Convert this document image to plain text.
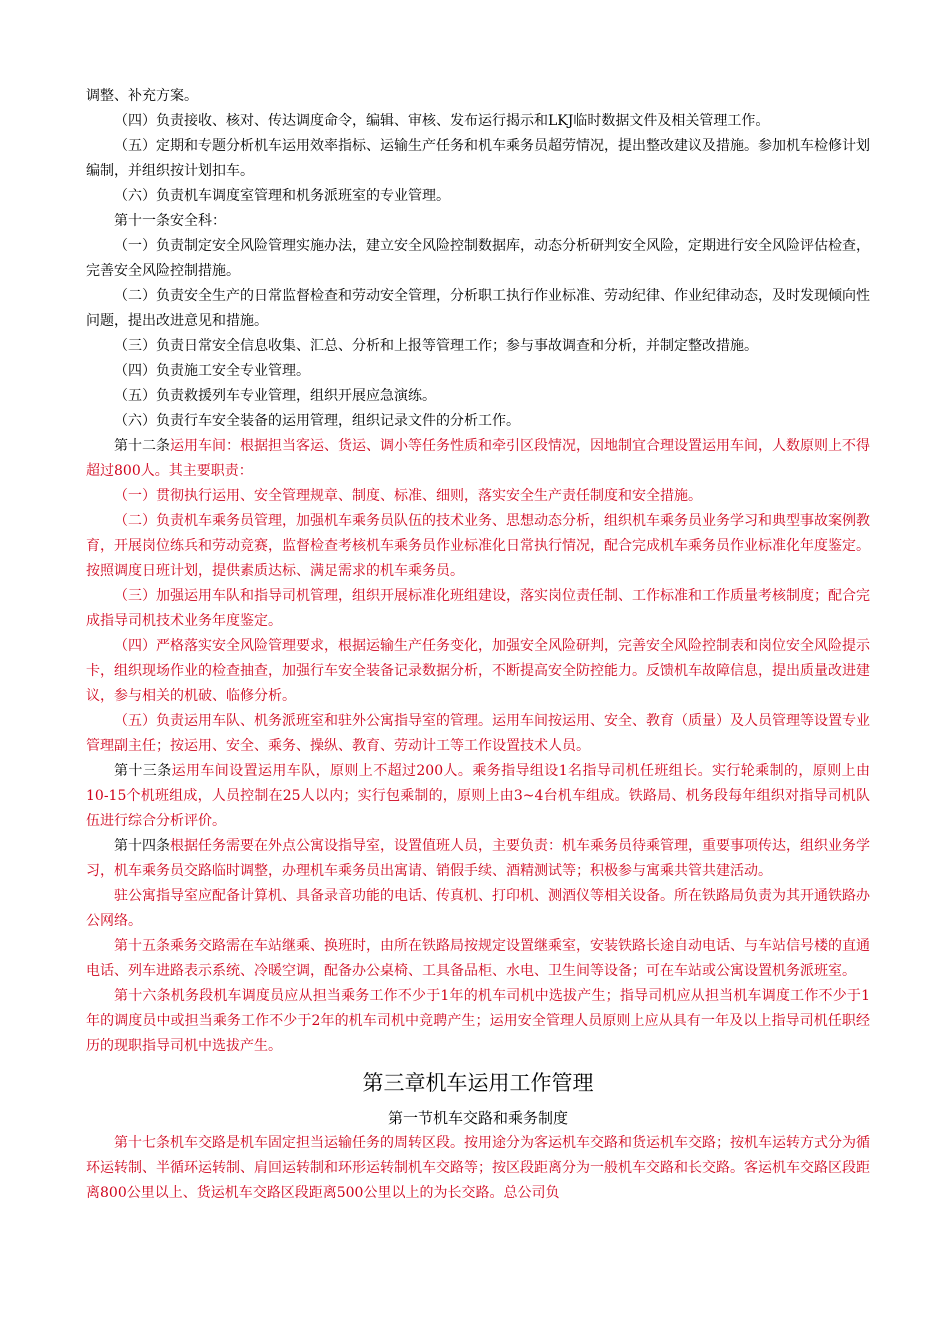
调整、补充方案。

（四）负责接收、核对、传达调度命令，编辑、审核、发布运行揭示和LKJ临时数据文件及相关管理工作。

（五）定期和专题分析机车运用效率指标、运输生产任务和机车乘务员超劳情况，提出整改建议及措施。参加机车检修计划编制，并组织按计划扣车。

（六）负责机车调度室管理和机务派班室的专业管理。

第十一条安全科：

（一）负责制定安全风险管理实施办法，建立安全风险控制数据库，动态分析研判安全风险，定期进行安全风险评估检查，完善安全风险控制措施。

（二）负责安全生产的日常监督检查和劳动安全管理，分析职工执行作业标准、劳动纪律、作业纪律动态，及时发现倾向性问题，提出改进意见和措施。

（三）负责日常安全信息收集、汇总、分析和上报等管理工作；参与事故调查和分析，并制定整改措施。

（四）负责施工安全专业管理。

（五）负责救援列车专业管理，组织开展应急演练。

（六）负责行车安全装备的运用管理，组织记录文件的分析工作。

第十二条运用车间：根据担当客运、货运、调小等任务性质和牵引区段情况，因地制宜合理设置运用车间，人数原则上不得超过800人。其主要职责：

（一）贯彻执行运用、安全管理规章、制度、标准、细则，落实安全生产责任制度和安全措施。

（二）负责机车乘务员管理，加强机车乘务员队伍的技术业务、思想动态分析，组织机车乘务员业务学习和典型事故案例教育，开展岗位练兵和劳动竞赛，监督检查考核机车乘务员作业标准化日常执行情况，配合完成机车乘务员作业标准化年度鉴定。按照调度日班计划，提供素质达标、满足需求的机车乘务员。

（三）加强运用车队和指导司机管理，组织开展标准化班组建设，落实岗位责任制、工作标准和工作质量考核制度；配合完成指导司机技术业务年度鉴定。

（四）严格落实安全风险管理要求，根据运输生产任务变化，加强安全风险研判，完善安全风险控制表和岗位安全风险提示卡，组织现场作业的检查抽查，加强行车安全装备记录数据分析，不断提高安全防控能力。反馈机车故障信息，提出质量改进建议，参与相关的机破、临修分析。

（五）负责运用车队、机务派班室和驻外公寓指导室的管理。运用车间按运用、安全、教育（质量）及人员管理等设置专业管理副主任；按运用、安全、乘务、操纵、教育、劳动计工等工作设置技术人员。

第十三条运用车间设置运用车队，原则上不超过200人。乘务指导组设1名指导司机任班组长。实行轮乘制的，原则上由10-15个机班组成，人员控制在25人以内；实行包乘制的，原则上由3~4台机车组成。铁路局、机务段每年组织对指导司机队伍进行综合分析评价。

第十四条根据任务需要在外点公寓设指导室，设置值班人员，主要负责：机车乘务员待乘管理，重要事项传达，组织业务学习，机车乘务员交路临时调整，办理机车乘务员出寓请、销假手续、酒精测试等；积极参与寓乘共管共建活动。

驻公寓指导室应配备计算机、具备录音功能的电话、传真机、打印机、测酒仪等相关设备。所在铁路局负责为其开通铁路办公网络。

第十五条乘务交路需在车站继乘、换班时，由所在铁路局按规定设置继乘室，安装铁路长途自动电话、与车站信号楼的直通电话、列车进路表示系统、冷暖空调，配备办公桌椅、工具备品柜、水电、卫生间等设备；可在车站或公寓设置机务派班室。

第十六条机务段机车调度员应从担当乘务工作不少于1年的机车司机中选拔产生；指导司机应从担当机车调度工作不少于1年的调度员中或担当乘务工作不少于2年的机车司机中竞聘产生；运用安全管理人员原则上应从具有一年及以上指导司机任职经历的现职指导司机中选拔产生。

第三章机车运用工作管理
第一节机车交路和乘务制度

第十七条机车交路是机车固定担当运输任务的周转区段。按用途分为客运机车交路和货运机车交路；按机车运转方式分为循环运转制、半循环运转制、肩回运转制和环形运转制机车交路等；按区段距离分为一般机车交路和长交路。客运机车交路区段距离800公里以上、货运机车交路区段距离500公里以上的为长交路。总公司负
